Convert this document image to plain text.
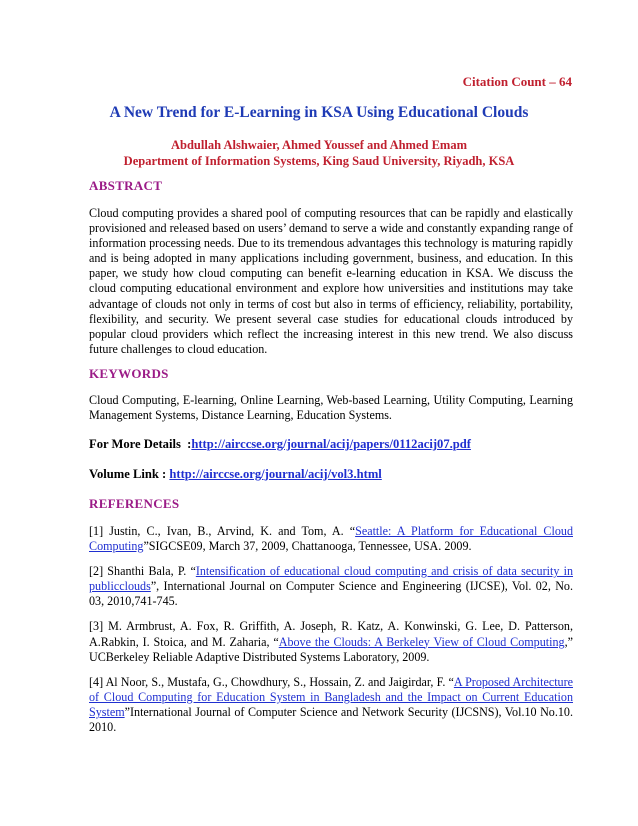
Citation Count – 64
A New Trend for E-Learning in KSA Using Educational Clouds
Abdullah Alshwaier, Ahmed Youssef and Ahmed Emam
Department of Information Systems, King Saud University, Riyadh, KSA
ABSTRACT
Cloud computing provides a shared pool of computing resources that can be rapidly and elastically provisioned and released based on users’ demand to serve a wide and constantly expanding range of information processing needs. Due to its tremendous advantages this technology is maturing rapidly and is being adopted in many applications including government, business, and education. In this paper, we study how cloud computing can benefit e-learning education in KSA. We discuss the cloud computing educational environment and explore how universities and institutions may take advantage of clouds not only in terms of cost but also in terms of efficiency, reliability, portability, flexibility, and security. We present several case studies for educational clouds introduced by popular cloud providers which reflect the increasing interest in this new trend. We also discuss future challenges to cloud education.
KEYWORDS
Cloud Computing, E-learning, Online Learning, Web-based Learning, Utility Computing, Learning Management Systems, Distance Learning, Education Systems.
For More Details  :http://airccse.org/journal/acij/papers/0112acij07.pdf
Volume Link : http://airccse.org/journal/acij/vol3.html
REFERENCES
[1] Justin, C., Ivan, B., Arvind, K. and Tom, A. “Seattle: A Platform for Educational Cloud Computing”SIGCSE09, March 37, 2009, Chattanooga, Tennessee, USA. 2009.
[2] Shanthi Bala, P. “Intensification of educational cloud computing and crisis of data security in publicclouds”, International Journal on Computer Science and Engineering (IJCSE), Vol. 02, No. 03, 2010,741-745.
[3] M. Armbrust, A. Fox, R. Griffith, A. Joseph, R. Katz, A. Konwinski, G. Lee, D. Patterson, A.Rabkin, I. Stoica, and M. Zaharia, “Above the Clouds: A Berkeley View of Cloud Computing,” UCBerkeley Reliable Adaptive Distributed Systems Laboratory, 2009.
[4] Al Noor, S., Mustafa, G., Chowdhury, S., Hossain, Z. and Jaigirdar, F. “A Proposed Architecture of Cloud Computing for Education System in Bangladesh and the Impact on Current Education System”International Journal of Computer Science and Network Security (IJCSNS), Vol.10 No.10. 2010.
